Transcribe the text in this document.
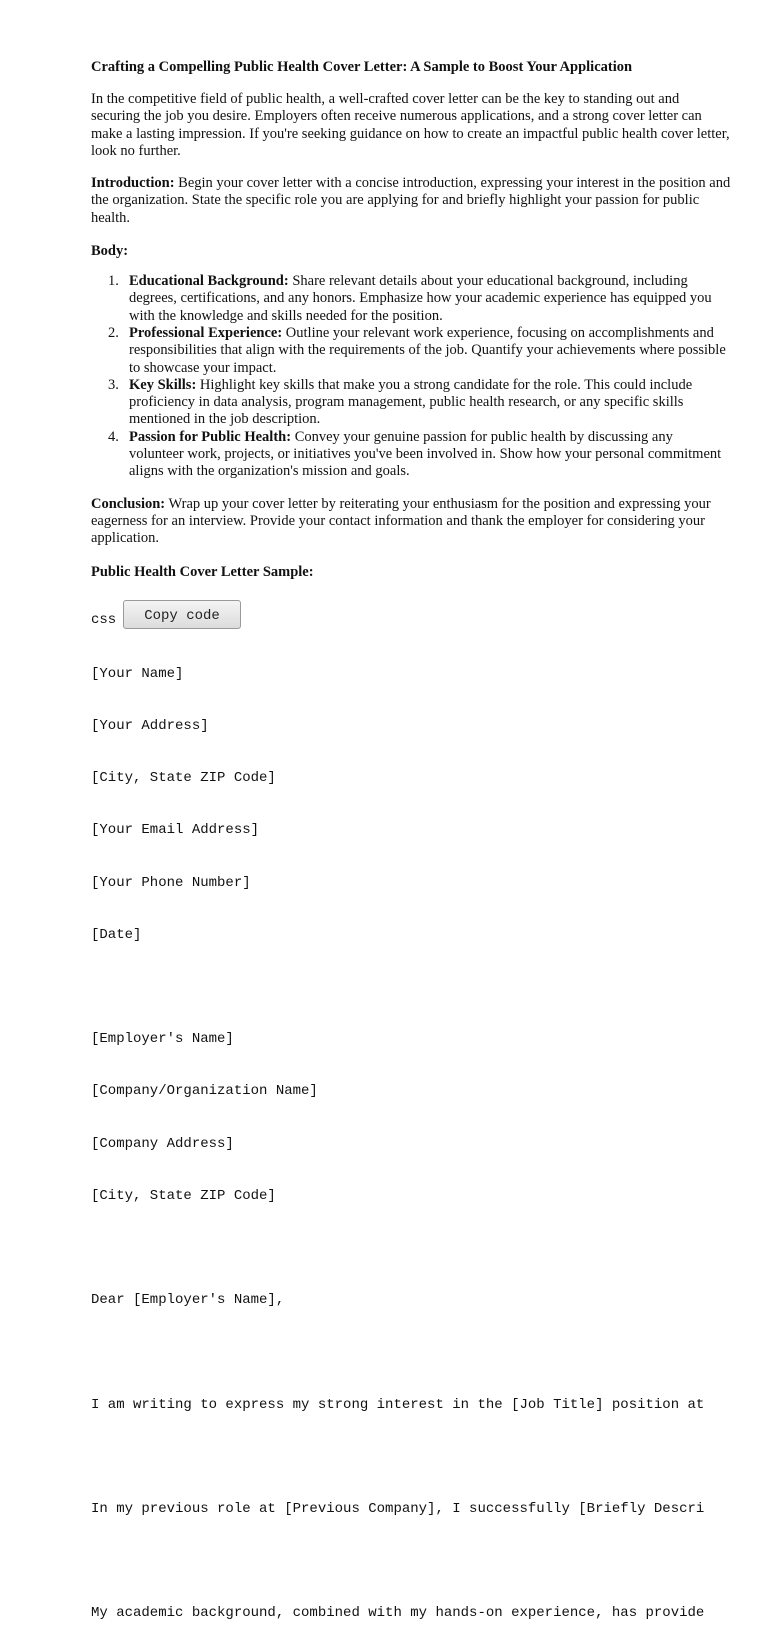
Crafting a Compelling Public Health Cover Letter: A Sample to Boost Your Application

In the competitive field of public health, a well-crafted cover letter can be the key to standing out and securing the job you desire. Employers often receive numerous applications, and a strong cover letter can make a lasting impression. If you're seeking guidance on how to create an impactful public health cover letter, look no further.

Introduction: Begin your cover letter with a concise introduction, expressing your interest in the position and the organization. State the specific role you are applying for and briefly highlight your passion for public health.

Body:
1. Educational Background: Share relevant details about your educational background, including degrees, certifications, and any honors. Emphasize how your academic experience has equipped you with the knowledge and skills needed for the position.
2. Professional Experience: Outline your relevant work experience, focusing on accomplishments and responsibilities that align with the requirements of the job. Quantify your achievements where possible to showcase your impact.
3. Key Skills: Highlight key skills that make you a strong candidate for the role. This could include proficiency in data analysis, program management, public health research, or any specific skills mentioned in the job description.
4. Passion for Public Health: Convey your genuine passion for public health by discussing any volunteer work, projects, or initiatives you've been involved in. Show how your personal commitment aligns with the organization's mission and goals.

Conclusion: Wrap up your cover letter by reiterating your enthusiasm for the position and expressing your eagerness for an interview. Provide your contact information and thank the employer for considering your application.

Public Health Cover Letter Sample:
css	Copy code

[Your Name]

[Your Address]

[City, State ZIP Code]

[Your Email Address]

[Your Phone Number]

[Date]

[Employer's Name]

[Company/Organization Name]

[Company Address]

[City, State ZIP Code]

Dear [Employer's Name],

I am writing to express my strong interest in the [Job Title] position at

In my previous role at [Previous Company], I successfully [Briefly Descri

My academic background, combined with my hands-on experience, has provide
